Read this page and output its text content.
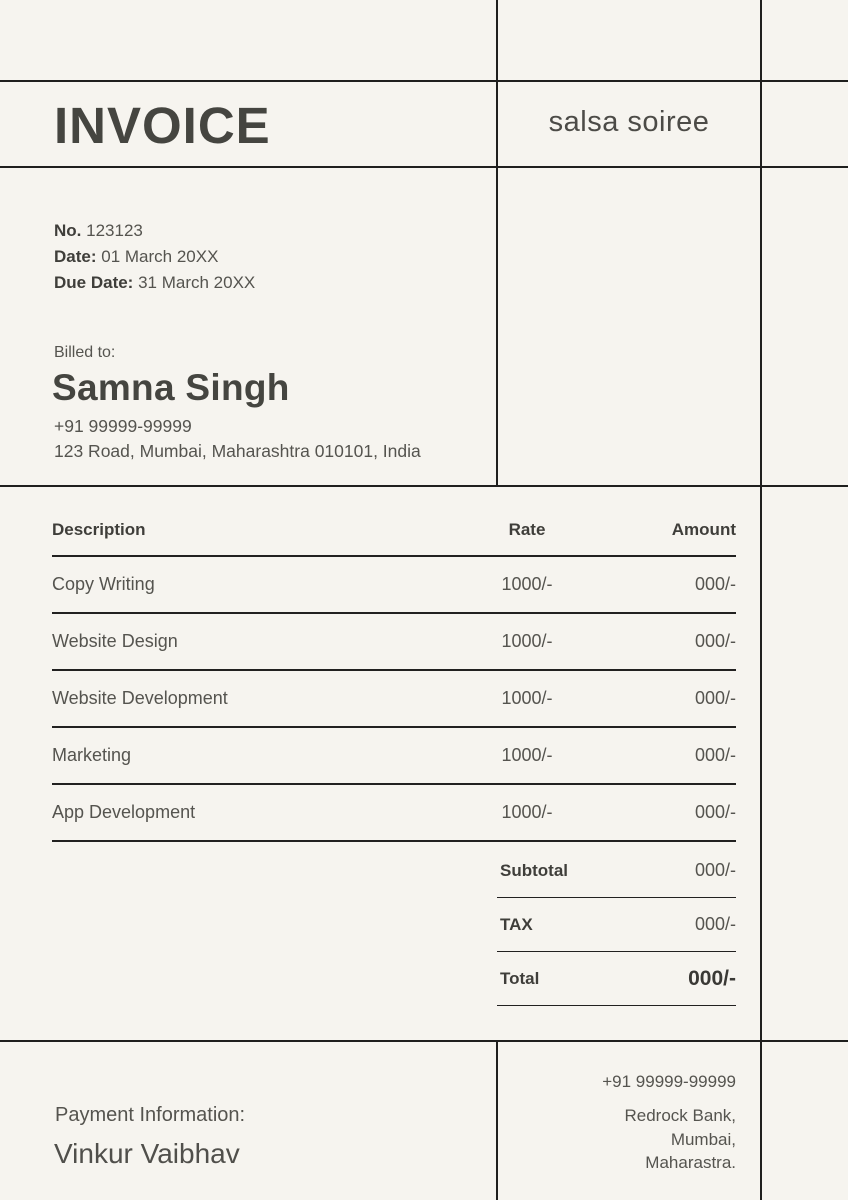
INVOICE	salsa soiree
No. 123123
Date: 01 March 20XX
Due Date: 31 March 20XX
Billed to:
Samna Singh
+91 99999-99999
123 Road, Mumbai, Maharashtra 010101, India
Description	Rate	Amount
Copy Writing	1000/-	000/-
Website Design	1000/-	000/-
Website Development	1000/-	000/-
Marketing	1000/-	000/-
App Development	1000/-	000/-
Subtotal	000/-
TAX	000/-
Total	000/-
Payment Information:
Vinkur Vaibhav
+91 99999-99999
Redrock Bank,
Mumbai,
Maharastra.
